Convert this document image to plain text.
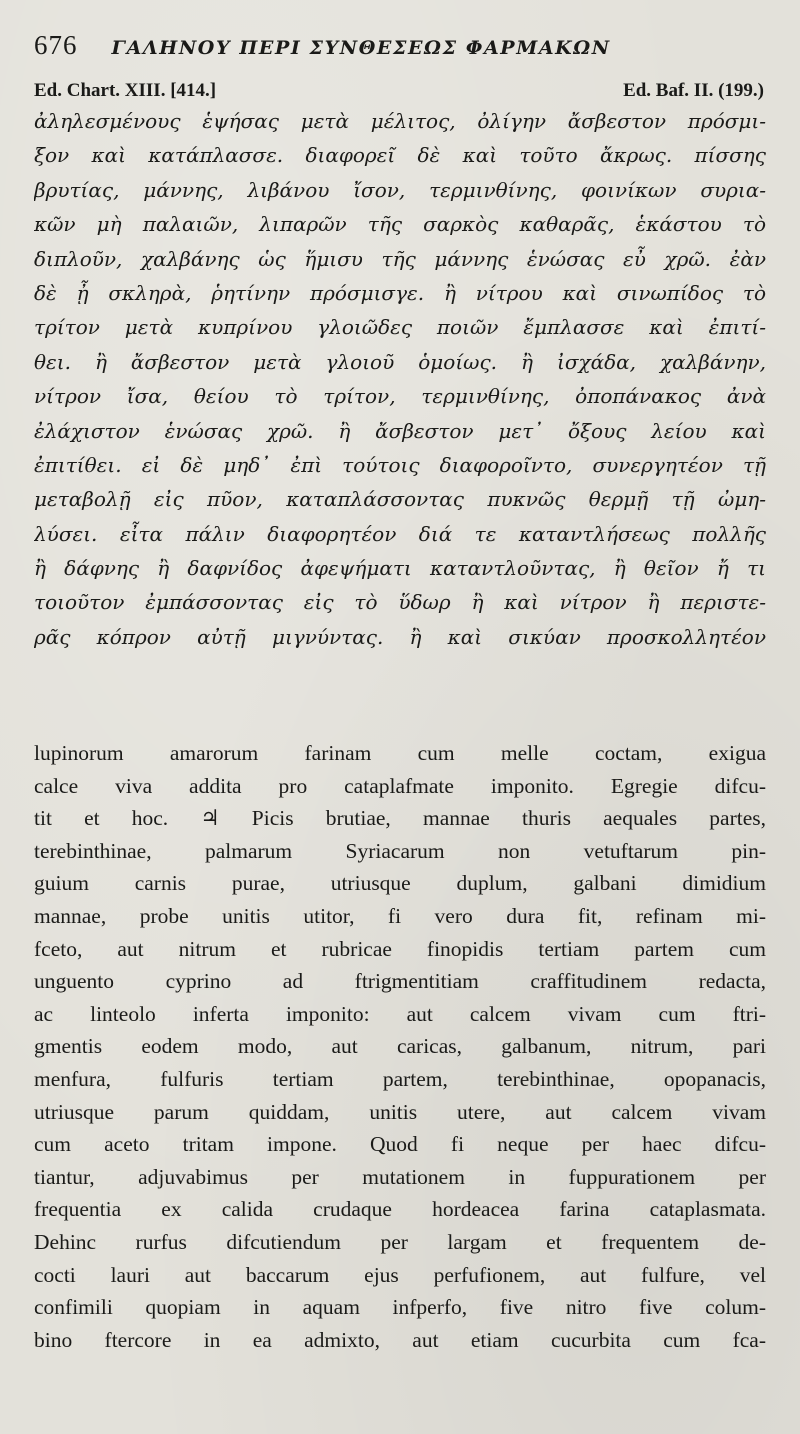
676 ΓΑΛΗΝΟΥ ΠΕΡΙ ΣΥΝΘΕΣΕΩΣ ΦΑΡΜΑΚΩΝ
Ed. Chart. XIII. [414.]	Ed. Baf. II. (199.)
ἀληλεσμένους ἑψήσας μετὰ μέλιτος, ὀλίγην ἄσβεστον πρόσμι-
ξον καὶ κατάπλασσε. διαφορεῖ δὲ καὶ τοῦτο ἄκρως. πίσσης
βρυτίας, μάννης, λιβάνου ἴσον, τερμινθίνης, φοινίκων συρια-
κῶν μὴ παλαιῶν, λιπαρῶν τῆς σαρκὸς καθαρᾶς, ἑκάστου τὸ
διπλοῦν, χαλβάνης ὡς ἥμισυ τῆς μάννης ἑνώσας εὖ χρῶ. ἐὰν
δὲ ᾖ σκληρὰ, ῥητίνην πρόσμισγε. ἢ νίτρου καὶ σινωπίδος τὸ
τρίτον μετὰ κυπρίνου γλοιῶδες ποιῶν ἔμπλασσε καὶ ἐπιτί-
θει. ἢ ἄσβεστον μετὰ γλοιοῦ ὁμοίως. ἢ ἰσχάδα, χαλβάνην,
νίτρον ἴσα, θείου τὸ τρίτον, τερμινθίνης, ὀποπάνακος ἀνὰ
ἐλάχιστον ἑνώσας χρῶ. ἢ ἄσβεστον μετ᾽ ὄξους λείου καὶ
ἐπιτίθει. εἰ δὲ μηδ᾽ ἐπὶ τούτοις διαφοροῖντο, συνεργητέον τῇ
μεταβολῇ εἰς πῦον, καταπλάσσοντας πυκνῶς θερμῇ τῇ ὠμη-
λύσει. εἶτα πάλιν διαφορητέον διά τε καταντλήσεως πολλῆς
ἢ δάφνης ἢ δαφνίδος ἀφεψήματι καταντλοῦντας, ἢ θεῖον ἤ τι
τοιοῦτον ἐμπάσσοντας εἰς τὸ ὕδωρ ἢ καὶ νίτρον ἢ περιστε-
ρᾶς κόπρον αὐτῇ μιγνύντας. ἢ καὶ σικύαν προσκολλητέον
lupinorum amarorum farinam cum melle coctam, exigua
calce viva addita pro cataplafmate imponito. Egregie difcu-
tit et hoc. ♃ Picis brutiae, mannae thuris aequales partes,
terebinthinae, palmarum Syriacarum non vetuftarum pin-
guium carnis purae, utriusque duplum, galbani dimidium
mannae, probe unitis utitor, fi vero dura fit, refinam mi-
fceto, aut nitrum et rubricae finopidis tertiam partem cum
unguento cyprino ad ftrigmentitiam craffitudinem redacta,
ac linteolo inferta imponito: aut calcem vivam cum ftri-
gmentis eodem modo, aut caricas, galbanum, nitrum, pari
menfura, fulfuris tertiam partem, terebinthinae, opopanacis,
utriusque parum quiddam, unitis utere, aut calcem vivam
cum aceto tritam impone. Quod fi neque per haec difcu-
tiantur, adjuvabimus per mutationem in fuppurationem per
frequentia ex calida crudaque hordeacea farina cataplasmata.
Dehinc rurfus difcutiendum per largam et frequentem de-
cocti lauri aut baccarum ejus perfufionem, aut fulfure, vel
confimili quopiam in aquam infperfo, five nitro five colum-
bino ftercore in ea admixto, aut etiam cucurbita cum fca-
